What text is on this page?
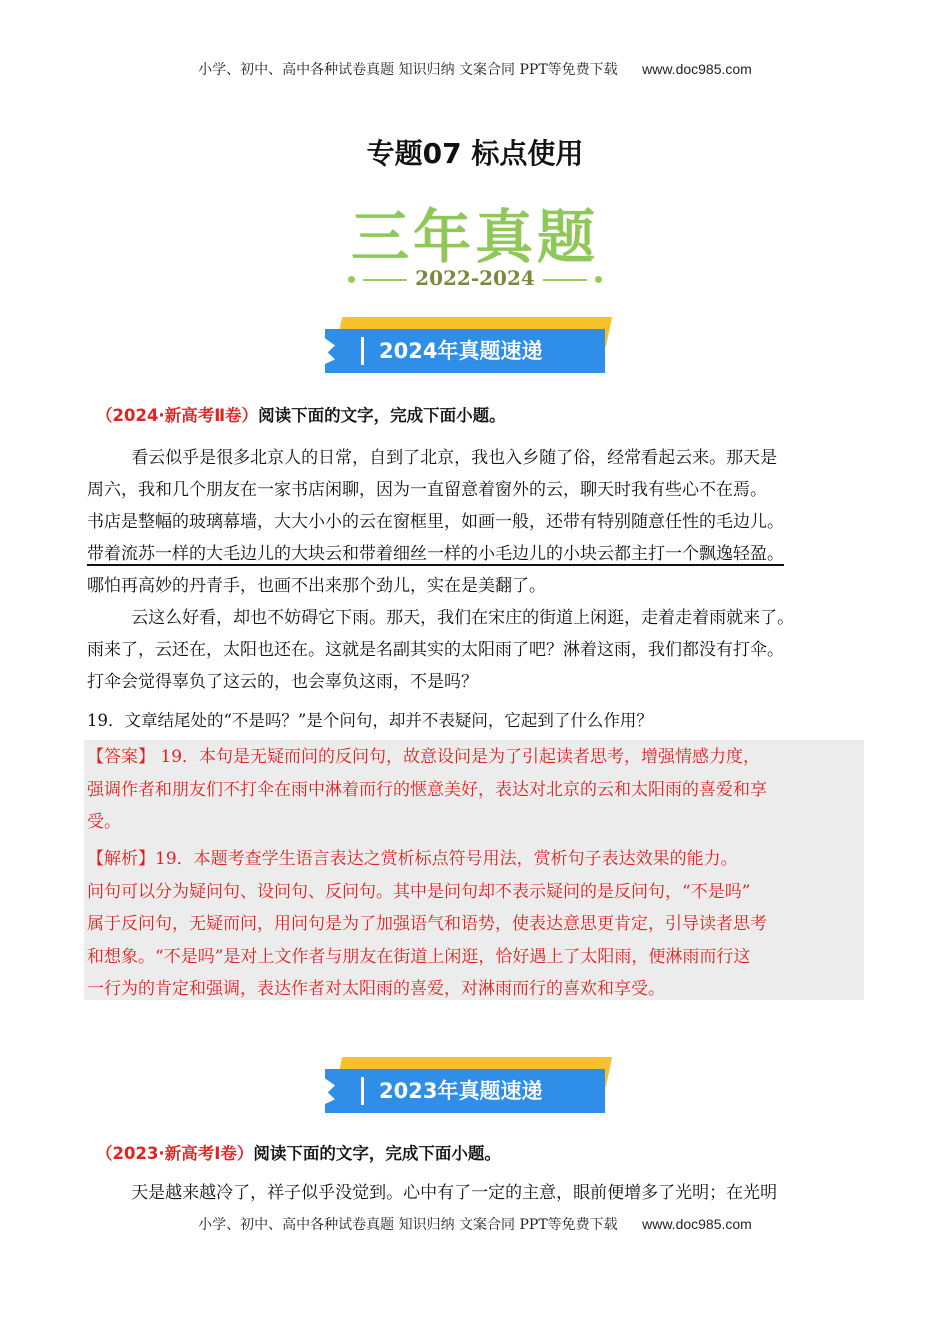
小学、初中、高中各种试卷真题 知识归纳 文案合同 PPT等免费下载 www.doc985.com
专题07 标点使用
三年真题
2022-2024
2024年真题速递
（2024·新高考Ⅱ卷）阅读下面的文字，完成下面小题。

看云似乎是很多北京人的日常，自到了北京，我也入乡随了俗，经常看起云来。那天是

周六，我和几个朋友在一家书店闲聊，因为一直留意着窗外的云，聊天时我有些心不在焉。

书店是整幅的玻璃幕墙，大大小小的云在窗框里，如画一般，还带有特别随意任性的毛边儿。

带着流苏一样的大毛边儿的大块云和带着细丝一样的小毛边儿的小块云都主打一个飘逸轻盈。

哪怕再高妙的丹青手，也画不出来那个劲儿，实在是美翻了。

云这么好看，却也不妨碍它下雨。那天，我们在宋庄的街道上闲逛，走着走着雨就来了。

雨来了，云还在，太阳也还在。这就是名副其实的太阳雨了吧？淋着这雨，我们都没有打伞。

打伞会觉得辜负了这云的，也会辜负这雨，不是吗？

19．文章结尾处的“不是吗？”是个问句，却并不表疑问，它起到了什么作用？

【答案】 19．本句是无疑而问的反问句，故意设问是为了引起读者思考，增强情感力度，

强调作者和朋友们不打伞在雨中淋着而行的惬意美好，表达对北京的云和太阳雨的喜爱和享

受。

【解析】19．本题考查学生语言表达之赏析标点符号用法，赏析句子表达效果的能力。

问句可以分为疑问句、设问句、反问句。其中是问句却不表示疑问的是反问句，“不是吗”

属于反问句，无疑而问，用问句是为了加强语气和语势，使表达意思更肯定，引导读者思考

和想象。“不是吗”是对上文作者与朋友在街道上闲逛，恰好遇上了太阳雨，便淋雨而行这

一行为的肯定和强调，表达作者对太阳雨的喜爱，对淋雨而行的喜欢和享受。

2023年真题速递
（2023·新高考Ⅰ卷）阅读下面的文字，完成下面小题。

天是越来越冷了，祥子似乎没觉到。心中有了一定的主意，眼前便增多了光明；在光明

小学、初中、高中各种试卷真题 知识归纳 文案合同 PPT等免费下载 www.doc985.com
